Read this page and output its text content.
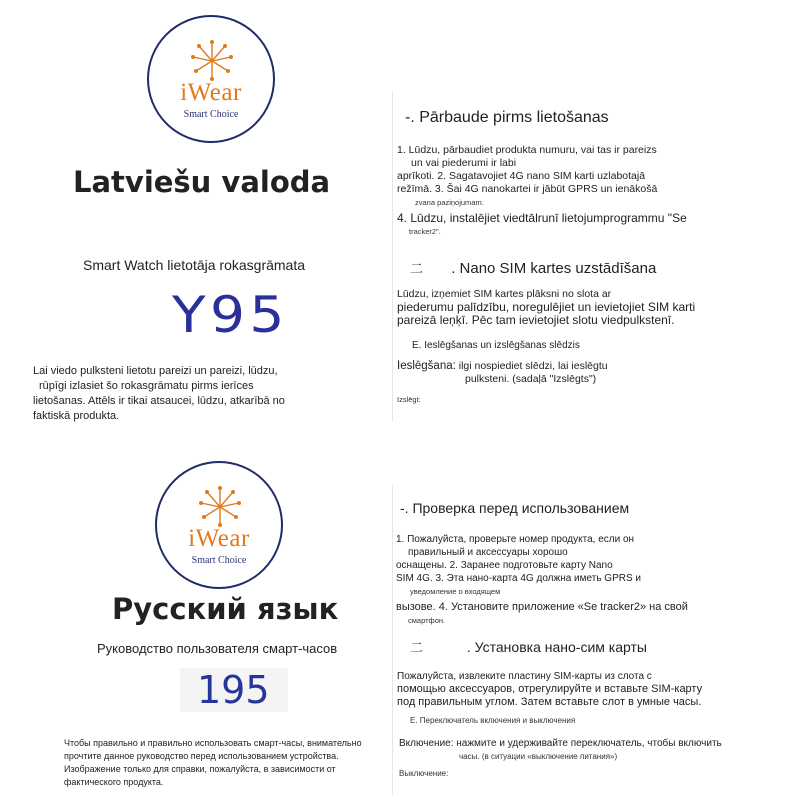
iWear
Smart Choice
Latviešu valoda
Smart Watch lietotāja rokasgrāmata
Y95
Lai viedo pulksteni lietotu pareizi un pareizi, lūdzu,
rūpīgi izlasiet šo rokasgrāmatu pirms ierīces
lietošanas. Attēls ir tikai atsaucei, lūdzu, atkarībā no
faktiskā produkta.
-. Pārbaude pirms lietošanas
1. Lūdzu, pārbaudiet produkta numuru, vai tas ir pareizs
un vai piederumi ir labi
aprīkoti. 2. Sagatavojiet 4G nano SIM karti uzlabotajā
režīmā. 3. Šai 4G nanokartei ir jābūt GPRS un ienākošā
zvana paziņojumam.
4. Lūdzu, instalējiet viedtālrunī lietojumprogrammu "Se
tracker2".
二 . Nano SIM kartes uzstādīšana
Lūdzu, izņemiet SIM kartes plāksni no slota ar
piederumu palīdzību, noregulējiet un ievietojiet SIM karti
pareizā leņķī. Pēc tam ievietojiet slotu viedpulkstenī.
E. Ieslēgšanas un izslēgšanas slēdzis
Ieslēgšana: ilgi nospiediet slēdzi, lai ieslēgtu
pulksteni. (sadaļā "Izslēgts")
Izslēgt:
iWear
Smart Choice
Русский язык
Руководство пользователя смарт-часов
195
Чтобы правильно и правильно использовать смарт-часы, внимательно
прочтите данное руководство перед использованием устройства.
Изображение только для справки, пожалуйста, в зависимости от
фактического продукта.
-. Проверка перед использованием
1. Пожалуйста, проверьте номер продукта, если он
правильный и аксессуары хорошо
оснащены. 2. Заранее подготовьте карту Nano
SIM 4G. 3. Эта нано-карта 4G должна иметь GPRS и
уведомление о входящем
вызове. 4. Установите приложение «Se tracker2» на свой
смартфон.
二	. Установка нано-сим карты
Пожалуйста, извлеките пластину SIM-карты из слота с
помощью аксессуаров, отрегулируйте и вставьте SIM-карту
под правильным углом. Затем вставьте слот в умные часы.
E. Переключатель включения и выключения
Включение: нажмите и удерживайте переключатель, чтобы включить
часы. (в ситуации «выключение питания»)
Выключение:
